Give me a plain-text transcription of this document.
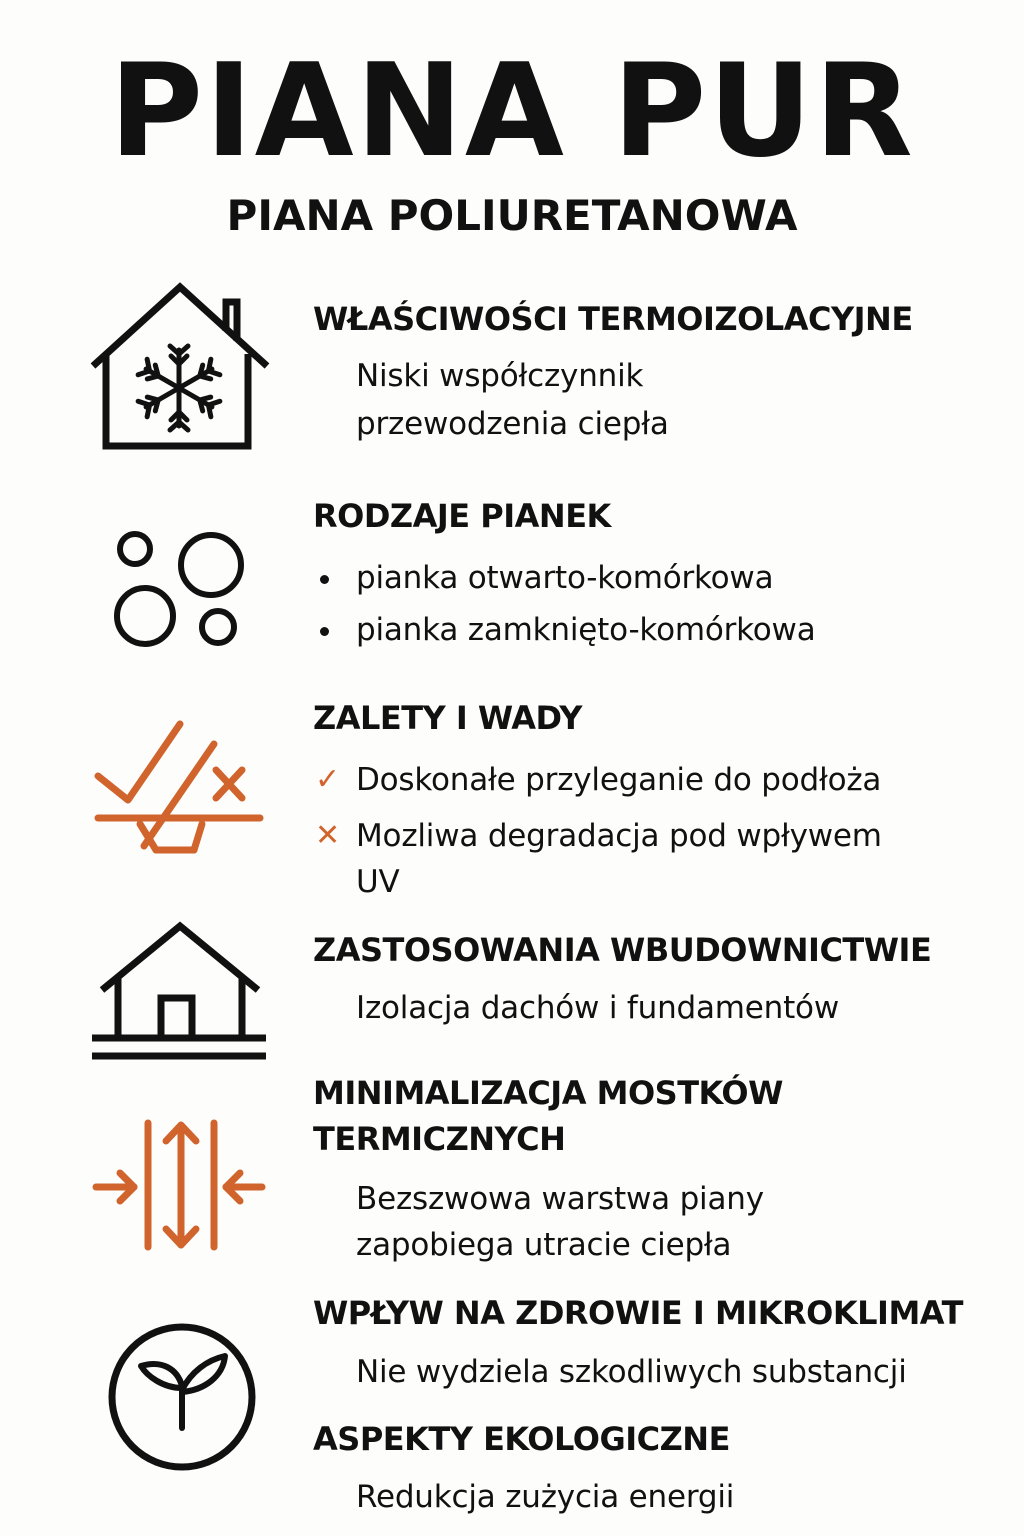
PIANA PUR
PIANA POLIURETANOWA
WŁAŚCIWOŚCI TERMOIZOLACYJNE
Niski współczynnik
przewodzenia ciepła
RODZAJE PIANEK
pianka otwarto-komórkowa
pianka zamknięto-komórkowa
ZALETY I WADY
✓ Doskonałe przyleganie do podłoża
✕ Mozliwa degradacja pod wpływem
UV
ZASTOSOWANIA WBUDOWNICTWIE
Izolacja dachów i fundamentów
MINIMALIZACJA MOSTKÓW
TERMICZNYCH
Bezszwowa warstwa piany
zapobiega utracie ciepła
WPŁYW NA ZDROWIE I MIKROKLIMAT
Nie wydziela szkodliwych substancji
ASPEKTY EKOLOGICZNE
Redukcja zużycia energii
